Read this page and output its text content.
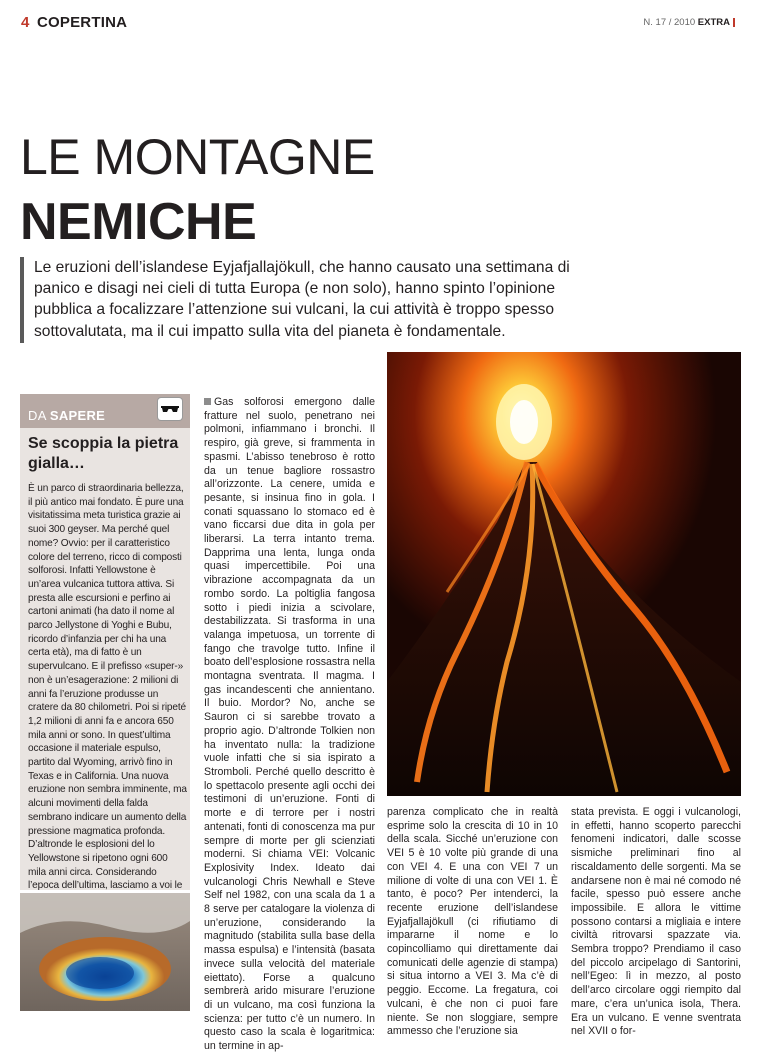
4 COPERTINA	N. 17 / 2010 EXTRA
LE MONTAGNE
NEMICHE
Le eruzioni dell’islandese Eyjafjallajökull, che hanno causato una settimana di panico e disagi nei cieli di tutta Europa (e non solo), hanno spinto l’opinione pubblica a focalizzare l’attenzione sui vulcani, la cui attività è troppo spesso sottovalutata, ma il cui impatto sulla vita del pianeta è fondamentale.
DA SAPERE
Se scoppia la pietra gialla…
È un parco di straordinaria bellezza, il più antico mai fondato. È pure una visitatissima meta turistica grazie ai suoi 300 geyser. Ma perché quel nome? Ovvio: per il caratteristico colore del terreno, ricco di composti solforosi. Infatti Yellowstone è un’area vulcanica tuttora attiva. Si presta alle escursioni e perfino ai cartoni animati (ha dato il nome al parco Jellystone di Yoghi e Bubu, ricordo d’infanzia per chi ha una certa età), ma di fatto è un supervulcano. E il prefisso «super-» non è un’esagerazione: 2 milioni di anni fa l’eruzione produsse un cratere da 80 chilometri. Poi si ripeté 1,2 milioni di anni fa e ancora 650 mila anni or sono. In quest’ultima occasione il materiale espulso, partito dal Wyoming, arrivò fino in Texas e in California. Una nuova eruzione non sembra imminente, ma alcuni movimenti della falda sembrano indicare un aumento della pressione magmatica profonda. D’altronde le esplosioni del lo Yellowstone si ripetono ogni 600 mila anni circa. Considerando l’epoca dell’ultima, lasciamo a voi le
Gas solforosi emergono dalle fratture nel suolo, penetrano nei polmoni, infiammano i bronchi. Il respiro, già greve, si frammenta in spasmi. L’abisso tenebroso è rotto da un tenue bagliore rossastro all’orizzonte. La cenere, umida e pesante, si insinua fino in gola. I conati squassano lo stomaco ed è vano ficcarsi due dita in gola per liberarsi. La terra intanto trema. Dapprima una lenta, lunga onda quasi impercettibile. Poi una vibrazione accompagnata da un rombo sordo. La poltiglia fangosa sotto i piedi inizia a scivolare, destabilizzata. Si trasforma in una valanga impetuosa, un torrente di fango che travolge tutto. Infine il boato dell’esplosione rossastra nella montagna sventrata. Il magma. I gas incandescenti che annientano. Il buio. Mordor? No, anche se Sauron ci si sarebbe trovato a proprio agio. D’altronde Tolkien non ha inventato nulla: la tradizione vuole infatti che si sia ispirato a Stromboli. Perché quello descritto è lo spettacolo presente agli occhi dei testimoni di un’eruzione. Fonti di morte e di terrore per i nostri antenati, fonti di conoscenza ma pur sempre di morte per gli scienziati moderni. Si chiama VEI: Volcanic Explosivity Index. Ideato dai vulcanologi Chris Newhall e Steve Self nel 1982, con una scala da 1 a 8 serve per catalogare la violenza di un’eruzione, considerando la magnitudo (stabilita sulla base della massa espulsa) e l’intensità (basata invece sulla velocità del materiale eiettato). Forse a qualcuno sembrerà arido misurare l’eruzione di un vulcano, ma così funziona la scienza: per tutto c’è un numero. In questo caso la scala è logaritmica: un termine in ap-
parenza complicato che in realtà esprime solo la crescita di 10 in 10 della scala. Sicché un’eruzione con VEI 5 è 10 volte più grande di una con VEI 4. E una con VEI 7 un milione di volte di una con VEI 1. È tanto, è poco? Per intenderci, la recente eruzione dell’islandese Eyjafjallajökull (ci rifiutiamo di impararne il nome e lo copincolliamo qui direttamente dai comunicati delle agenzie di stampa) si situa intorno a VEI 3. Ma c’è di peggio. Eccome. La fregatura, coi vulcani, è che non ci puoi fare niente. Se non sloggiare, sempre ammesso che l’eruzione sia
stata prevista. E oggi i vulcanologi, in effetti, hanno scoperto parecchi fenomeni indicatori, dalle scosse sismiche preliminari fino al riscaldamento delle sorgenti. Ma se andarsene non è mai né comodo né facile, spesso può essere anche impossibile. E allora le vittime possono contarsi a migliaia e intere civiltà ritrovarsi spazzate via. Sembra troppo? Prendiamo il caso del piccolo arcipelago di Santorini, nell’Egeo: lì in mezzo, al posto dell’arco circolare oggi riempito dal mare, c’era un’unica isola, Thera. Era un vulcano. E venne sventrata nel XVII o for-
